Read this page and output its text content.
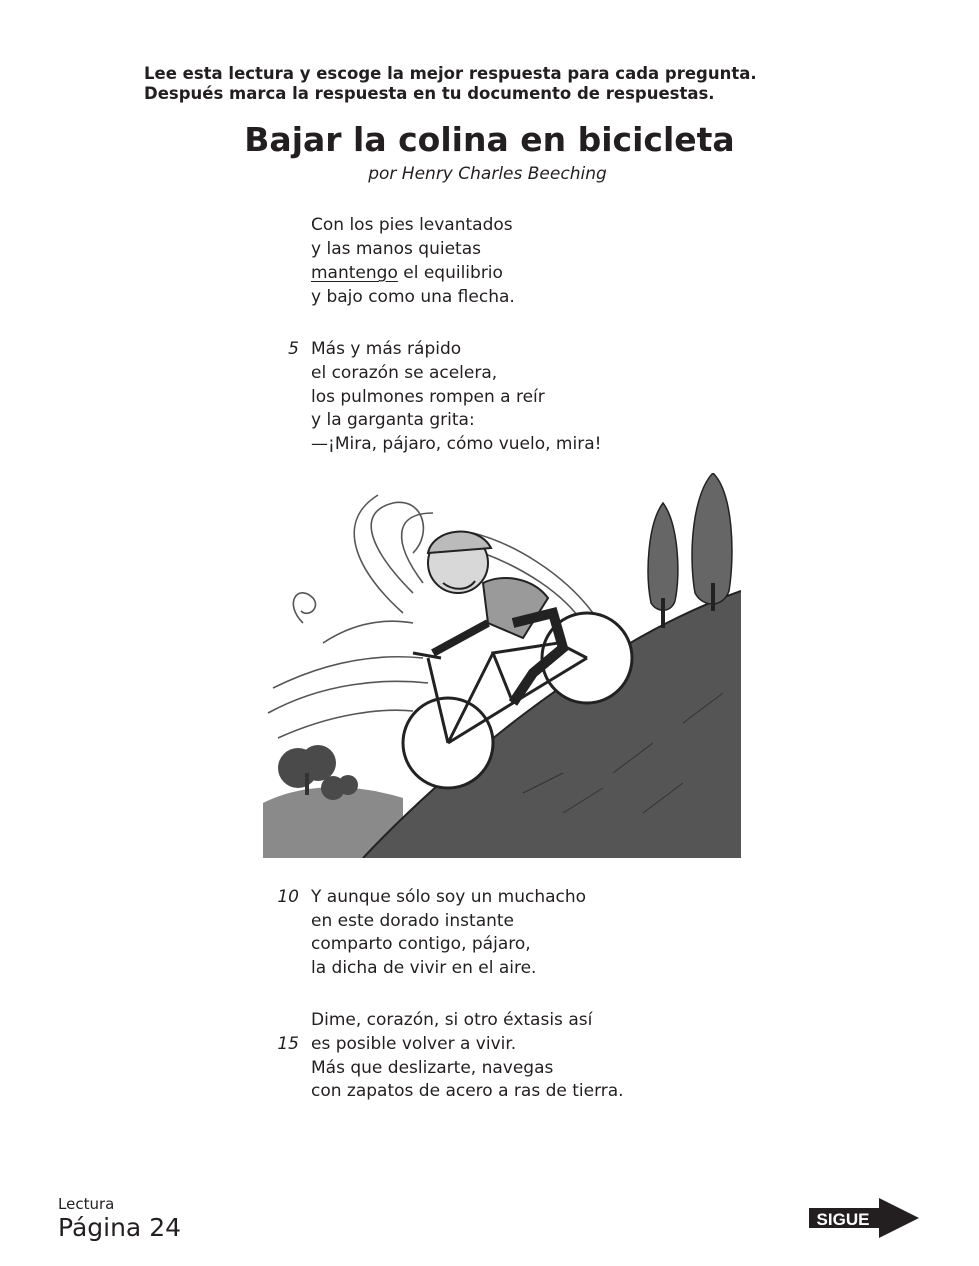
Lee esta lectura y escoge la mejor respuesta para cada pregunta.
Después marca la respuesta en tu documento de respuestas.
Bajar la colina en bicicleta
por Henry Charles Beeching
Con los pies levantados
y las manos quietas
mantengo el equilibrio
y bajo como una flecha.
5 Más y más rápido
el corazón se acelera,
los pulmones rompen a reír
y la garganta grita:
—¡Mira, pájaro, cómo vuelo, mira!
10 Y aunque sólo soy un muchacho
en este dorado instante
comparto contigo, pájaro,
la dicha de vivir en el aire.
Dime, corazón, si otro éxtasis así
15 es posible volver a vivir.
Más que deslizarte, navegas
con zapatos de acero a ras de tierra.
Lectura
Página 24	SIGUE
